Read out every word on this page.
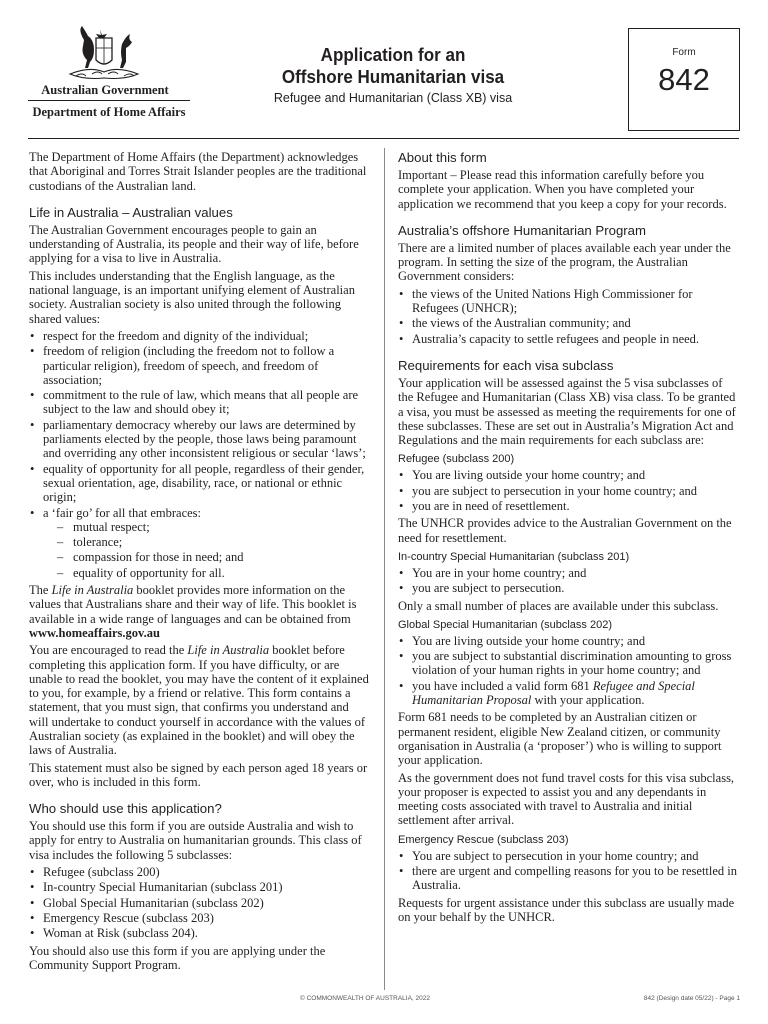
Australian Government
Department of Home Affairs
Application for an
Offshore Humanitarian visa
Refugee and Humanitarian (Class XB) visa
Form
842

The Department of Home Affairs (the Department) acknowledges that Aboriginal and Torres Strait Islander peoples are the traditional custodians of the Australian land.

Life in Australia – Australian values

The Australian Government encourages people to gain an understanding of Australia, its people and their way of life, before applying for a visa to live in Australia.

This includes understanding that the English language, as the national language, is an important unifying element of Australian society. Australian society is also united through the following shared values:

• respect for the freedom and dignity of the individual;
• freedom of religion (including the freedom not to follow a particular religion), freedom of speech, and freedom of association;
• commitment to the rule of law, which means that all people are subject to the law and should obey it;
• parliamentary democracy whereby our laws are determined by parliaments elected by the people, those laws being paramount and overriding any other inconsistent religious or secular ‘laws’;
• equality of opportunity for all people, regardless of their gender, sexual orientation, age, disability, race, or national or ethnic origin;
• a ‘fair go’ for all that embraces:
– mutual respect;
– tolerance;
– compassion for those in need; and
– equality of opportunity for all.

The Life in Australia booklet provides more information on the values that Australians share and their way of life. This booklet is available in a wide range of languages and can be obtained from
www.homeaffairs.gov.au

You are encouraged to read the Life in Australia booklet before completing this application form. If you have difficulty, or are unable to read the booklet, you may have the content of it explained to you, for example, by a friend or relative. This form contains a statement, that you must sign, that confirms you understand and will undertake to conduct yourself in accordance with the values of Australian society (as explained in the booklet) and will obey the laws of Australia.

This statement must also be signed by each person aged 18 years or over, who is included in this form.

Who should use this application?

You should use this form if you are outside Australia and wish to apply for entry to Australia on humanitarian grounds. This class of visa includes the following 5 subclasses:

• Refugee (subclass 200)
• In-country Special Humanitarian (subclass 201)
• Global Special Humanitarian (subclass 202)
• Emergency Rescue (subclass 203)
• Woman at Risk (subclass 204).

You should also use this form if you are applying under the Community Support Program.

About this form

Important – Please read this information carefully before you complete your application. When you have completed your application we recommend that you keep a copy for your records.

Australia’s offshore Humanitarian Program

There are a limited number of places available each year under the program. In setting the size of the program, the Australian Government considers:

• the views of the United Nations High Commissioner for Refugees (UNHCR);
• the views of the Australian community; and
• Australia’s capacity to settle refugees and people in need.
Requirements for each visa subclass

Your application will be assessed against the 5 visa subclasses of the Refugee and Humanitarian (Class XB) visa class. To be granted a visa, you must be assessed as meeting the requirements for one of these subclasses. These are set out in Australia’s Migration Act and Regulations and the main requirements for each subclass are:

Refugee (subclass 200)
• You are living outside your home country; and
• you are subject to persecution in your home country; and
• you are in need of resettlement.

The UNHCR provides advice to the Australian Government on the need for resettlement.

In-country Special Humanitarian (subclass 201)
• You are in your home country; and
• you are subject to persecution.

Only a small number of places are available under this subclass.

Global Special Humanitarian (subclass 202)
• You are living outside your home country; and
• you are subject to substantial discrimination amounting to gross violation of your human rights in your home country; and
• you have included a valid form 681 Refugee and Special Humanitarian Proposal with your application.

Form 681 needs to be completed by an Australian citizen or permanent resident, eligible New Zealand citizen, or community organisation in Australia (a ‘proposer’) who is willing to support your application.

As the government does not fund travel costs for this visa subclass, your proposer is expected to assist you and any dependants in meeting costs associated with travel to Australia and initial settlement after arrival.

Emergency Rescue (subclass 203)
• You are subject to persecution in your home country; and
• there are urgent and compelling reasons for you to be resettled in Australia.

Requests for urgent assistance under this subclass are usually made on your behalf by the UNHCR.

© COMMONWEALTH OF AUSTRALIA, 2022	842 (Design date 05/22) - Page 1
